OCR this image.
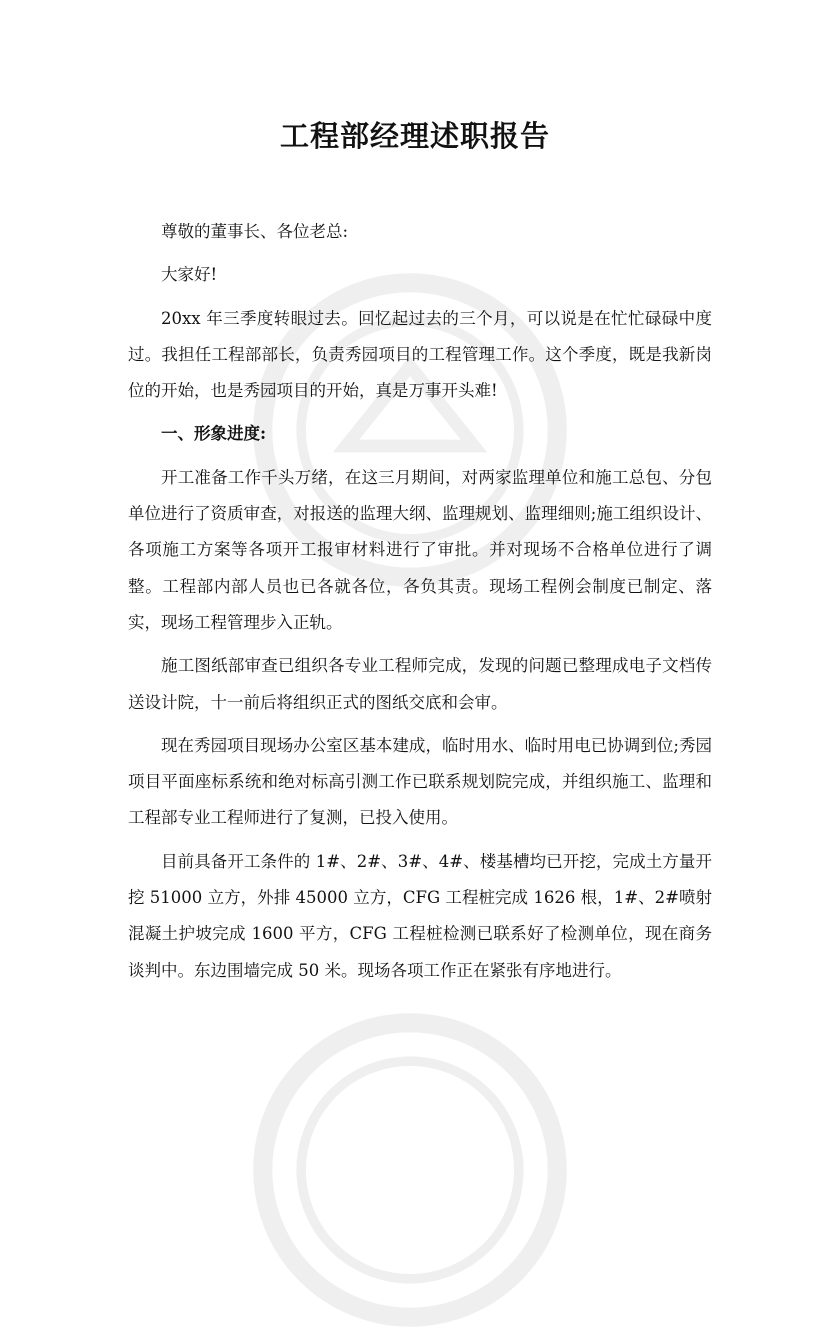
工程部经理述职报告

尊敬的董事长、各位老总:

大家好!

20xx 年三季度转眼过去。回忆起过去的三个月，可以说是在忙忙碌碌中度过。我担任工程部部长，负责秀园项目的工程管理工作。这个季度，既是我新岗位的开始，也是秀园项目的开始，真是万事开头难!

一、形象进度:

开工准备工作千头万绪，在这三月期间，对两家监理单位和施工总包、分包单位进行了资质审查，对报送的监理大纲、监理规划、监理细则;施工组织设计、各项施工方案等各项开工报审材料进行了审批。并对现场不合格单位进行了调整。工程部内部人员也已各就各位，各负其责。现场工程例会制度已制定、落实，现场工程管理步入正轨。

施工图纸部审查已组织各专业工程师完成，发现的问题已整理成电子文档传送设计院，十一前后将组织正式的图纸交底和会审。

现在秀园项目现场办公室区基本建成，临时用水、临时用电已协调到位;秀园项目平面座标系统和绝对标高引测工作已联系规划院完成，并组织施工、监理和工程部专业工程师进行了复测，已投入使用。

目前具备开工条件的 1#、2#、3#、4#、楼基槽均已开挖，完成土方量开挖 51000 立方，外排 45000 立方，CFG 工程桩完成 1626 根，1#、2#喷射混凝土护坡完成 1600 平方，CFG 工程桩检测已联系好了检测单位，现在商务谈判中。东边围墙完成 50 米。现场各项工作正在紧张有序地进行。
